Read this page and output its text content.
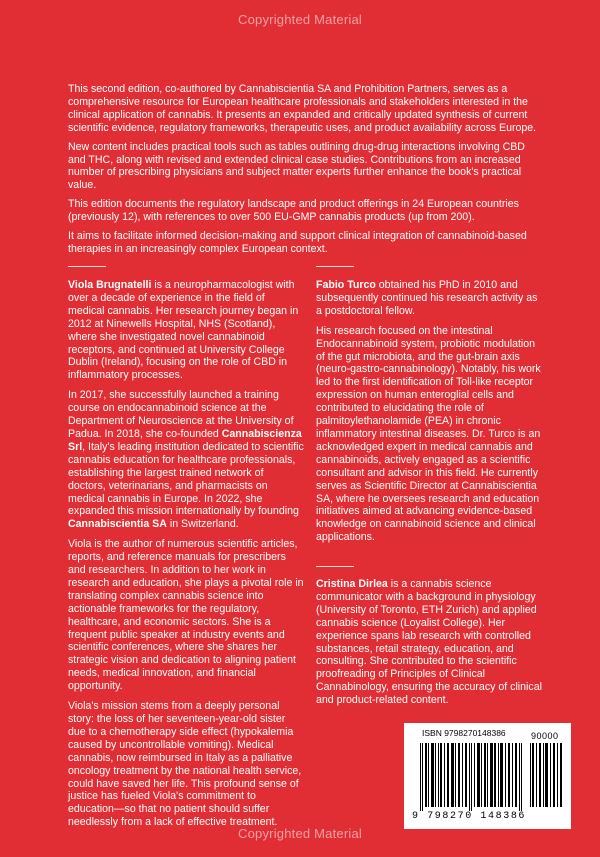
Copyrighted Material

This second edition, co-authored by Cannabiscientia SA and Prohibition Partners, serves as a comprehensive resource for European healthcare professionals and stakeholders interested in the clinical application of cannabis. It presents an expanded and critically updated synthesis of current scientific evidence, regulatory frameworks, therapeutic uses, and product availability across Europe.

New content includes practical tools such as tables outlining drug-drug interactions involving CBD and THC, along with revised and extended clinical case studies. Contributions from an increased number of prescribing physicians and subject matter experts further enhance the book's practical value.

This edition documents the regulatory landscape and product offerings in 24 European countries (previously 12), with references to over 500 EU-GMP cannabis products (up from 200).

It aims to facilitate informed decision-making and support clinical integration of cannabinoid-based therapies in an increasingly complex European context.

Viola Brugnatelli is a neuropharmacologist with over a decade of experience in the field of medical cannabis. Her research journey began in 2012 at Ninewells Hospital, NHS (Scotland), where she investigated novel cannabinoid receptors, and continued at University College Dublin (Ireland), focusing on the role of CBD in inflammatory processes.

In 2017, she successfully launched a training course on endocannabinoid science at the Department of Neuroscience at the University of Padua. In 2018, she co-founded Cannabiscienza Srl, Italy's leading institution dedicated to scientific cannabis education for healthcare professionals, establishing the largest trained network of doctors, veterinarians, and pharmacists on medical cannabis in Europe. In 2022, she expanded this mission internationally by founding Cannabiscientia SA in Switzerland.

Viola is the author of numerous scientific articles, reports, and reference manuals for prescribers and researchers. In addition to her work in research and education, she plays a pivotal role in translating complex cannabis science into actionable frameworks for the regulatory, healthcare, and economic sectors. She is a frequent public speaker at industry events and scientific conferences, where she shares her strategic vision and dedication to aligning patient needs, medical innovation, and financial opportunity.

Viola's mission stems from a deeply personal story: the loss of her seventeen-year-old sister due to a chemotherapy side effect (hypokalemia caused by uncontrollable vomiting). Medical cannabis, now reimbursed in Italy as a palliative oncology treatment by the national health service, could have saved her life. This profound sense of justice has fueled Viola's commitment to education—so that no patient should suffer needlessly from a lack of effective treatment.

Fabio Turco obtained his PhD in 2010 and subsequently continued his research activity as a postdoctoral fellow.

His research focused on the intestinal Endocannabinoid system, probiotic modulation of the gut microbiota, and the gut-brain axis (neuro-gastro-cannabinology). Notably, his work led to the first identification of Toll-like receptor expression on human enteroglial cells and contributed to elucidating the role of palmitoylethanolamide (PEA) in chronic inflammatory intestinal diseases. Dr. Turco is an acknowledged expert in medical cannabis and cannabinoids, actively engaged as a scientific consultant and advisor in this field. He currently serves as Scientific Director at Cannabiscientia SA, where he oversees research and education initiatives aimed at advancing evidence-based knowledge on cannabinoid science and clinical applications.

Cristina Dirlea is a cannabis science communicator with a background in physiology (University of Toronto, ETH Zurich) and applied cannabis science (Loyalist College). Her experience spans lab research with controlled substances, retail strategy, education, and consulting. She contributed to the scientific proofreading of Principles of Clinical Cannabinology, ensuring the accuracy of clinical and product-related content.

ISBN 9798270148386	90000
9 798270 148386
Copyrighted Material
